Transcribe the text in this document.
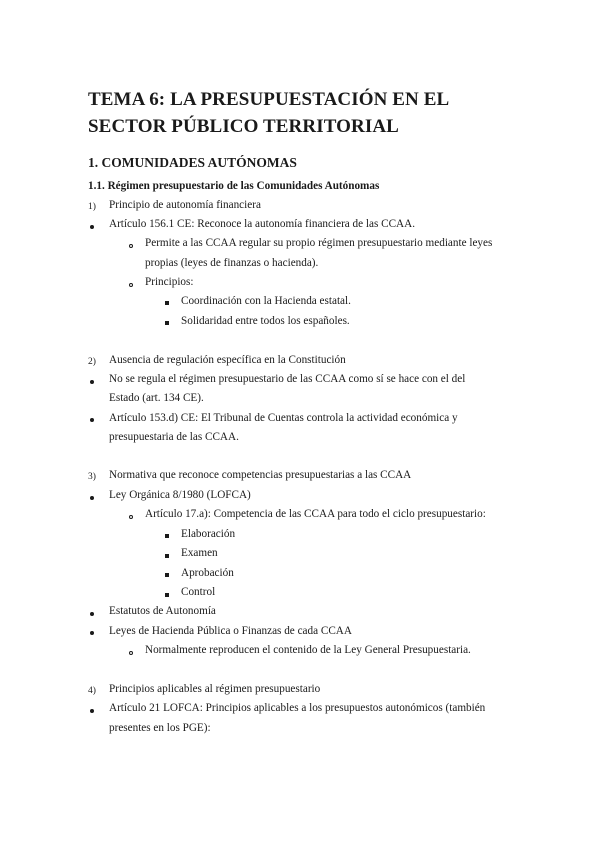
TEMA 6: LA PRESUPUESTACIÓN EN EL SECTOR PÚBLICO TERRITORIAL
1. COMUNIDADES AUTÓNOMAS
1.1. Régimen presupuestario de las Comunidades Autónomas
1) Principio de autonomía financiera
Artículo 156.1 CE: Reconoce la autonomía financiera de las CCAA.
Permite a las CCAA regular su propio régimen presupuestario mediante leyes
propias (leyes de finanzas o hacienda).
Principios:
Coordinación con la Hacienda estatal.
Solidaridad entre todos los españoles.
2) Ausencia de regulación específica en la Constitución
No se regula el régimen presupuestario de las CCAA como sí se hace con el del
Estado (art. 134 CE).
Artículo 153.d) CE: El Tribunal de Cuentas controla la actividad económica y
presupuestaria de las CCAA.
3) Normativa que reconoce competencias presupuestarias a las CCAA
Ley Orgánica 8/1980 (LOFCA)
Artículo 17.a): Competencia de las CCAA para todo el ciclo presupuestario:
Elaboración
Examen
Aprobación
Control
Estatutos de Autonomía
Leyes de Hacienda Pública o Finanzas de cada CCAA
Normalmente reproducen el contenido de la Ley General Presupuestaria.
4) Principios aplicables al régimen presupuestario
Artículo 21 LOFCA: Principios aplicables a los presupuestos autonómicos (también
presentes en los PGE):
